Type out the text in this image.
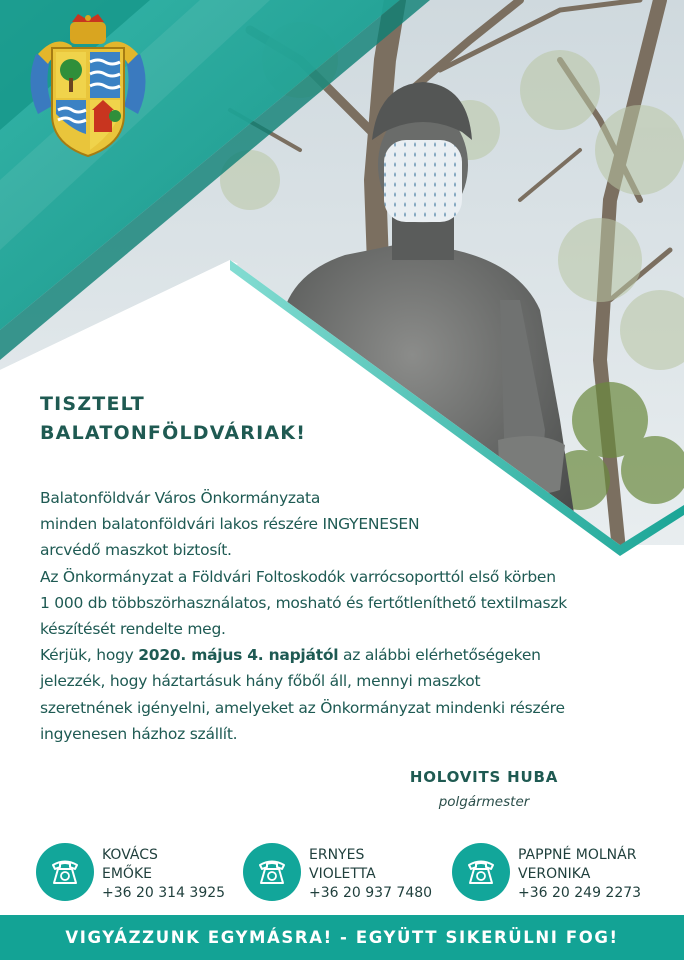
TISZTELT
BALATONFÖLDVÁRIAK!
Balatonföldvár Város Önkormányzata
minden balatonföldvári lakos részére INGYENESEN
arcvédő maszkot biztosít.
Az Önkormányzat a Földvári Foltoskodók varrócsoporttól első körben
1 000 db többszörhasználatos, mosható és fertőtleníthető textilmaszk
készítését rendelte meg.
Kérjük, hogy 2020. május 4. napjától az alábbi elérhetőségeken
jelezzék, hogy háztartásuk hány főből áll, mennyi maszkot
szeretnének igényelni, amelyeket az Önkormányzat mindenki részére
ingyenesen házhoz szállít.
HOLOVITS HUBA
polgármester
KOVÁCS
EMŐKE
+36 20 314 3925
ERNYES
VIOLETTA
+36 20 937 7480
PAPPNÉ MOLNÁR
VERONIKA
+36 20 249 2273
VIGYÁZZUNK EGYMÁSRA! - EGYÜTT SIKERÜLNI FOG!
